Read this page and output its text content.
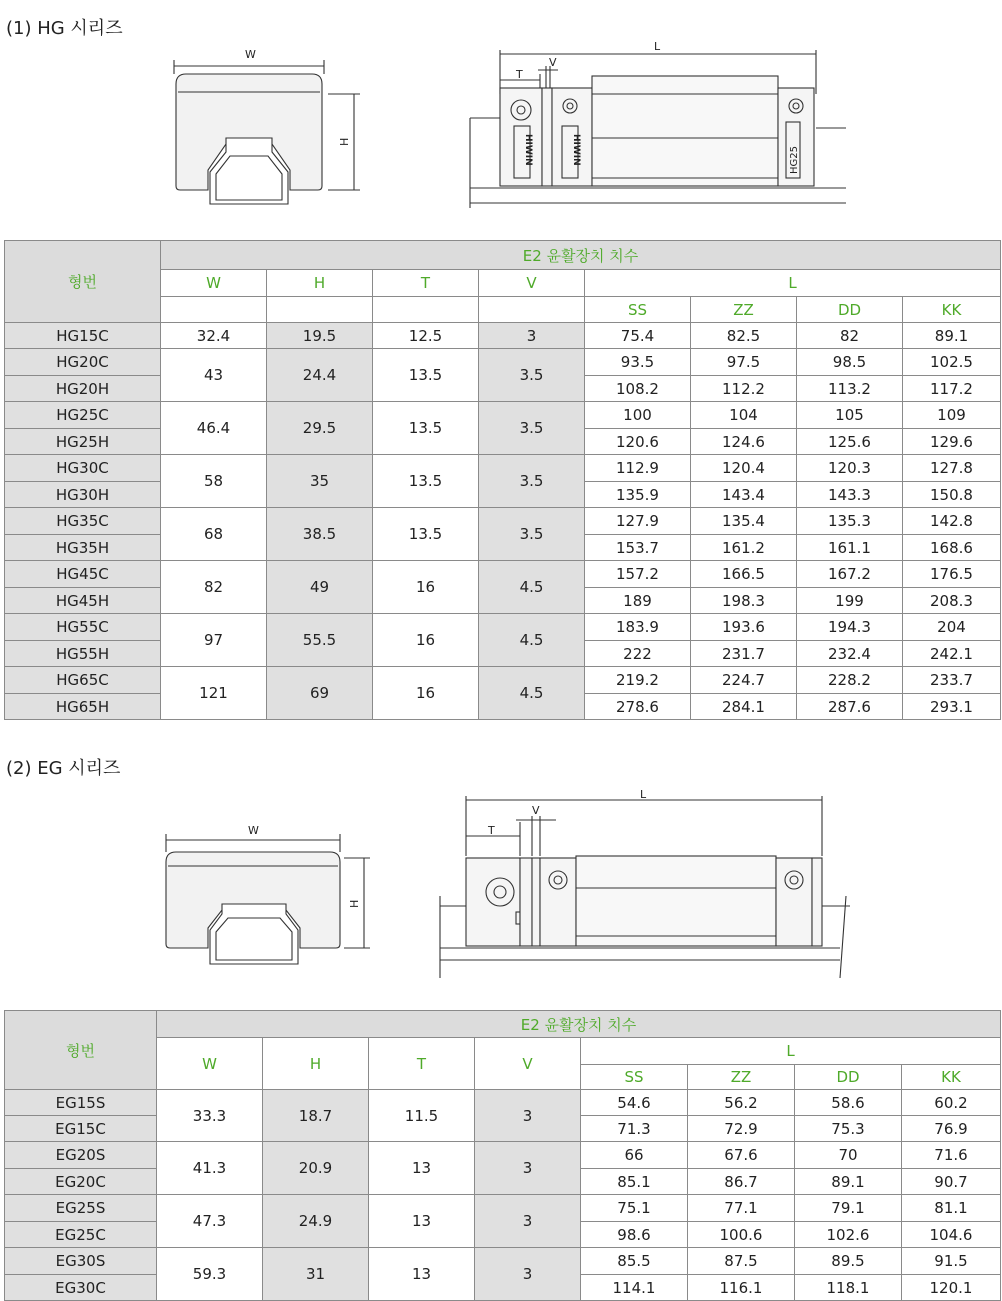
(1) HG 시리즈
W
H
L
T
V
HIWIN	HIWIN	HG25
형번	E2 윤활장치 치수							
	W	H	T	V	L			
					SS	ZZ	DD	KK
HG15C	32.4	19.5	12.5	3	75.4	82.5	82	89.1
HG20C	43	24.4	13.5	3.5	93.5	97.5	98.5	102.5
HG20H					108.2	112.2	113.2	117.2
HG25C	46.4	29.5	13.5	3.5	100	104	105	109
HG25H					120.6	124.6	125.6	129.6
HG30C	58	35	13.5	3.5	112.9	120.4	120.3	127.8
HG30H					135.9	143.4	143.3	150.8
HG35C	68	38.5	13.5	3.5	127.9	135.4	135.3	142.8
HG35H					153.7	161.2	161.1	168.6
HG45C	82	49	16	4.5	157.2	166.5	167.2	176.5
HG45H					189	198.3	199	208.3
HG55C	97	55.5	16	4.5	183.9	193.6	194.3	204
HG55H					222	231.7	232.4	242.1
HG65C	121	69	16	4.5	219.2	224.7	228.2	233.7
HG65H					278.6	284.1	287.6	293.1
(2) EG 시리즈
W
H
L
T
V
형번	E2 윤활장치 치수							
	W	H	T	V	L			
					SS	ZZ	DD	KK
EG15S	33.3	18.7	11.5	3	54.6	56.2	58.6	60.2
EG15C					71.3	72.9	75.3	76.9
EG20S	41.3	20.9	13	3	66	67.6	70	71.6
EG20C					85.1	86.7	89.1	90.7
EG25S	47.3	24.9	13	3	75.1	77.1	79.1	81.1
EG25C					98.6	100.6	102.6	104.6
EG30S	59.3	31	13	3	85.5	87.5	89.5	91.5
EG30C					114.1	116.1	118.1	120.1
